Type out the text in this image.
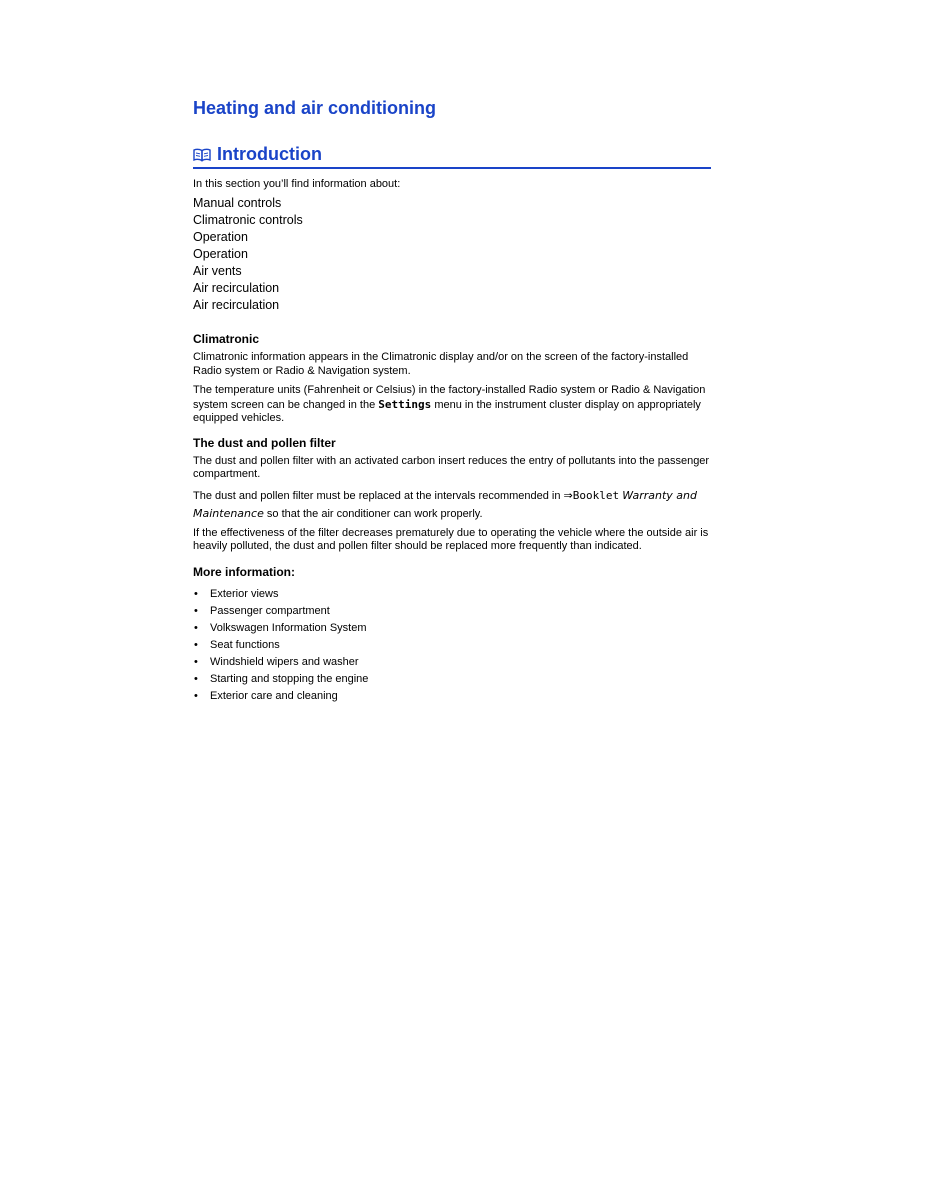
Heating and air conditioning
Introduction
In this section you’ll find information about:
Manual controls
Climatronic controls
Operation
Operation
Air vents
Air recirculation
Air recirculation
Climatronic
Climatronic information appears in the Climatronic display and/or on the screen of the factory-installed Radio system or Radio & Navigation system.
The temperature units (Fahrenheit or Celsius) in the factory-installed Radio system or Radio & Navigation system screen can be changed in the Settings menu in the instrument cluster display on appropriately equipped vehicles.
The dust and pollen filter
The dust and pollen filter with an activated carbon insert reduces the entry of pollutants into the passenger compartment.
The dust and pollen filter must be replaced at the intervals recommended in ⇒Booklet Warranty and Maintenance so that the air conditioner can work properly.
If the effectiveness of the filter decreases prematurely due to operating the vehicle where the outside air is heavily polluted, the dust and pollen filter should be replaced more frequently than indicated.
More information:
• Exterior views
• Passenger compartment
• Volkswagen Information System
• Seat functions
• Windshield wipers and washer
• Starting and stopping the engine
• Exterior care and cleaning
